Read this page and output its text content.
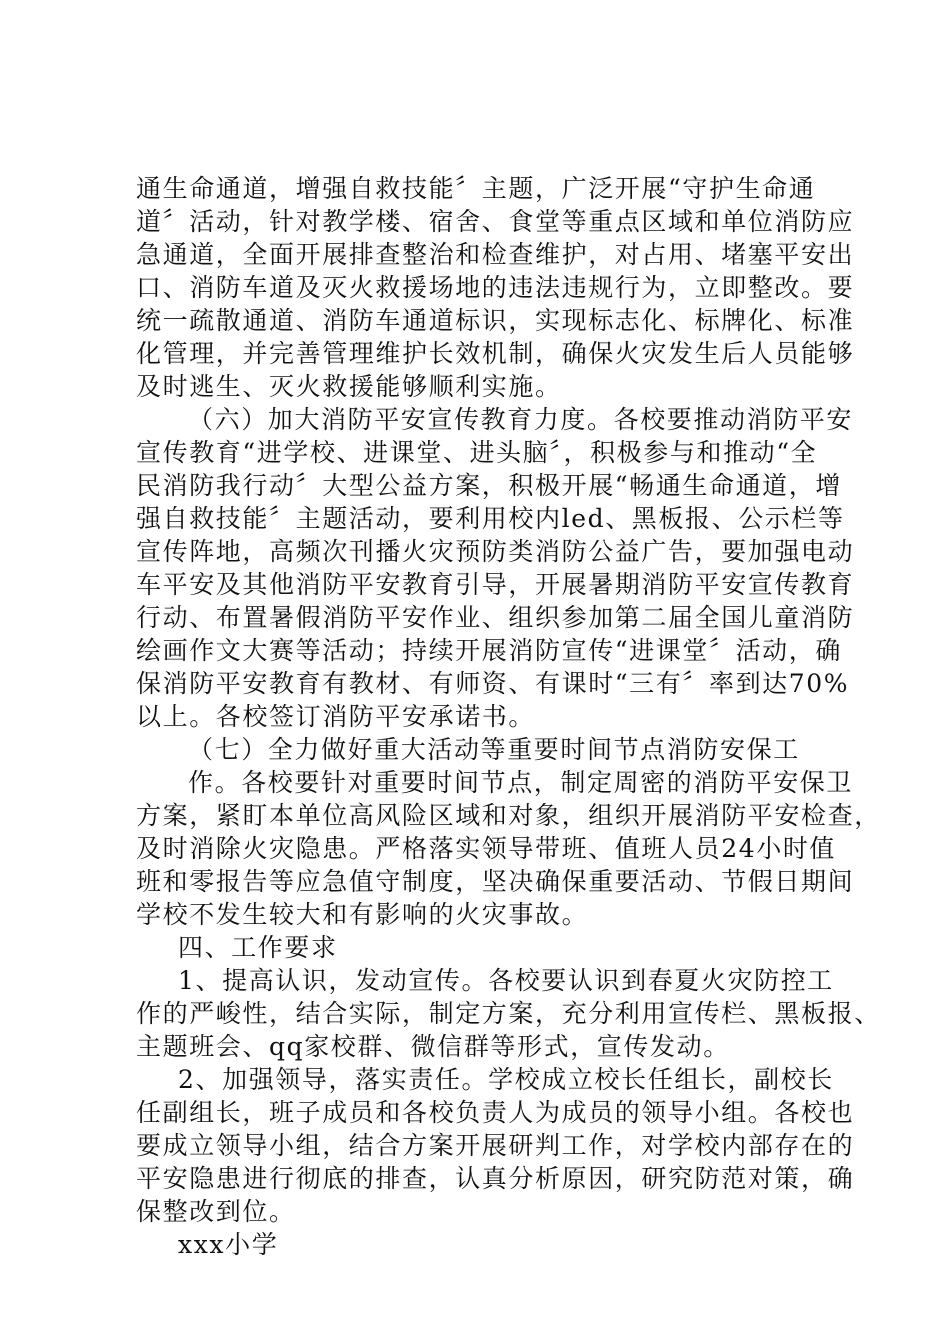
通生命通道，增强自救技能〞主题，广泛开展“守护生命通
道〞活动，针对教学楼、宿舍、食堂等重点区域和单位消防应
急通道，全面开展排查整治和检查维护，对占用、堵塞平安出
口、消防车道及灭火救援场地的违法违规行为，立即整改。要
统一疏散通道、消防车通道标识，实现标志化、标牌化、标准
化管理，并完善管理维护长效机制，确保火灾发生后人员能够
及时逃生、灭火救援能够顺利实施。
（六）加大消防平安宣传教育力度。各校要推动消防平安
宣传教育“进学校、进课堂、进头脑〞，积极参与和推动“全
民消防我行动〞大型公益方案，积极开展“畅通生命通道，增
强自救技能〞主题活动，要利用校内led、黑板报、公示栏等
宣传阵地，高频次刊播火灾预防类消防公益广告，要加强电动
车平安及其他消防平安教育引导，开展暑期消防平安宣传教育
行动、布置暑假消防平安作业、组织参加第二届全国儿童消防
绘画作文大赛等活动；持续开展消防宣传“进课堂〞活动，确
保消防平安教育有教材、有师资、有课时“三有〞率到达70%
以上。各校签订消防平安承诺书。
（七）全力做好重大活动等重要时间节点消防安保工
作。各校要针对重要时间节点，制定周密的消防平安保卫
方案，紧盯本单位高风险区域和对象，组织开展消防平安检查，
及时消除火灾隐患。严格落实领导带班、值班人员24小时值
班和零报告等应急值守制度，坚决确保重要活动、节假日期间
学校不发生较大和有影响的火灾事故。
四、工作要求
1、提高认识，发动宣传。各校要认识到春夏火灾防控工
作的严峻性，结合实际，制定方案，充分利用宣传栏、黑板报、
主题班会、qq家校群、微信群等形式，宣传发动。
2、加强领导，落实责任。学校成立校长任组长，副校长
任副组长，班子成员和各校负责人为成员的领导小组。各校也
要成立领导小组，结合方案开展研判工作，对学校内部存在的
平安隐患进行彻底的排查，认真分析原因，研究防范对策，确
保整改到位。
xxx小学
